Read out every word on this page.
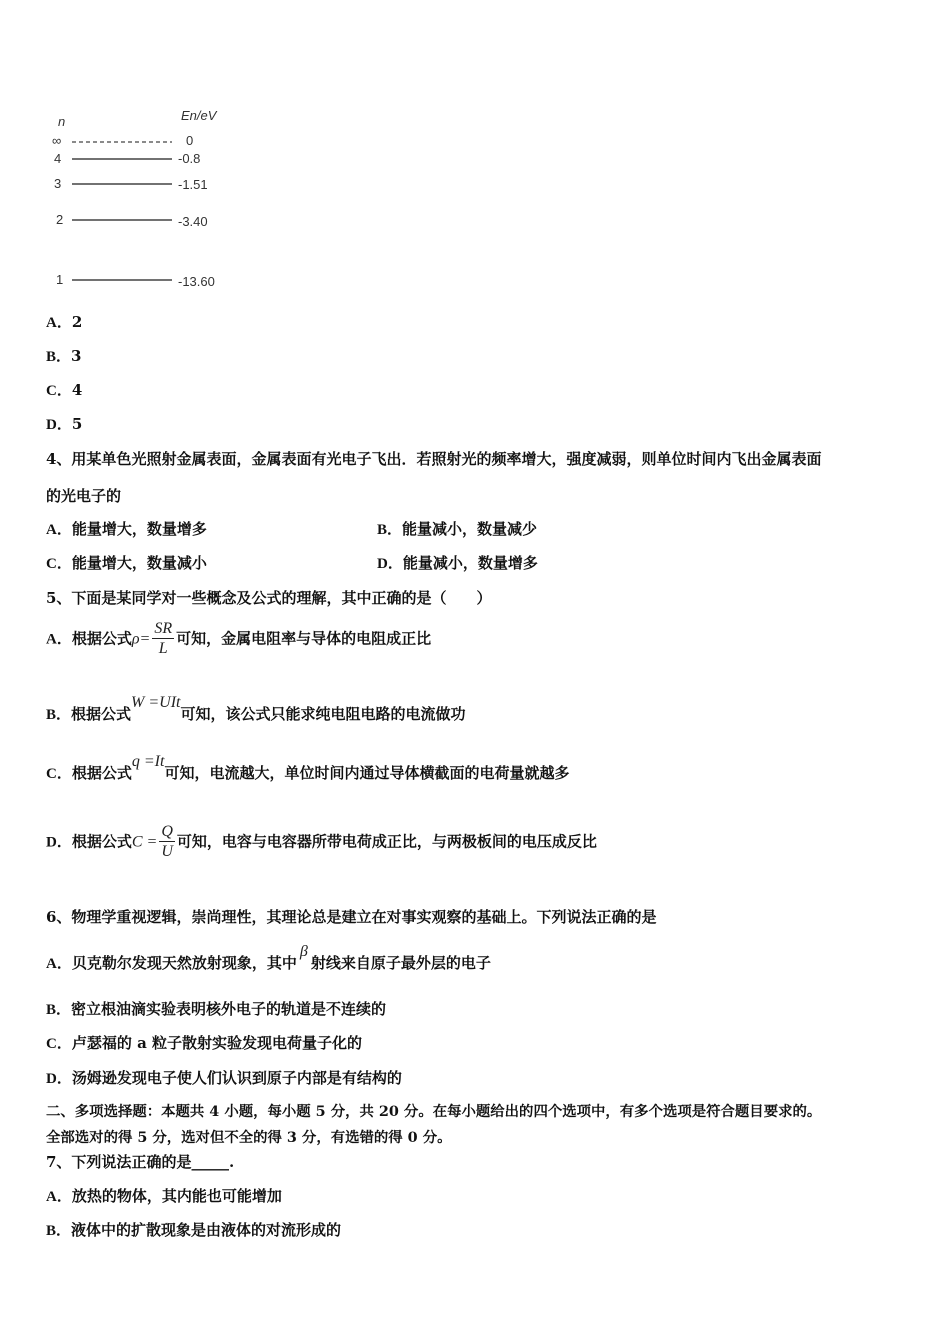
n	En/eV
∞	0
4	-0.8
3	-1.51
2	-3.40
1	-13.60
A．2
B．3
C．4
D．5
4、用某单色光照射金属表面，金属表面有光电子飞出．若照射光的频率增大，强度减弱，则单位时间内飞出金属表面
的光电子的
A．能量增大，数量增多	B．能量减小，数量减少
C．能量增大，数量减小	D．能量减小，数量增多
5、下面是某同学对一些概念及公式的理解，其中正确的是（　　）
A．根据公式$\rho= \frac{SR}{L}$ 可知，金属电阻率与导体的电阻成正比
B．根据公式W =UIt可知，该公式只能求纯电阻电路的电流做功
C．根据公式q =It可知，电流越大，单位时间内通过导体横截面的电荷量就越多
D．根据公式$C = \frac{Q}{U}$ 可知，电容与电容器所带电荷成正比，与两极板间的电压成反比
6、物理学重视逻辑，崇尚理性，其理论总是建立在对事实观察的基础上。下列说法正确的是
A．贝克勒尔发现天然放射现象，其中β射线来自原子最外层的电子
B．密立根油滴实验表明核外电子的轨道是不连续的
C．卢瑟福的 a 粒子散射实验发现电荷量子化的
D．汤姆逊发现电子使人们认识到原子内部是有结构的
二、多项选择题：本题共 4 小题，每小题 5 分，共 20 分。在每小题给出的四个选项中，有多个选项是符合题目要求的。
全部选对的得 5 分，选对但不全的得 3 分，有选错的得 0 分。
7、下列说法正确的是_____.
A．放热的物体，其内能也可能增加
B．液体中的扩散现象是由液体的对流形成的
